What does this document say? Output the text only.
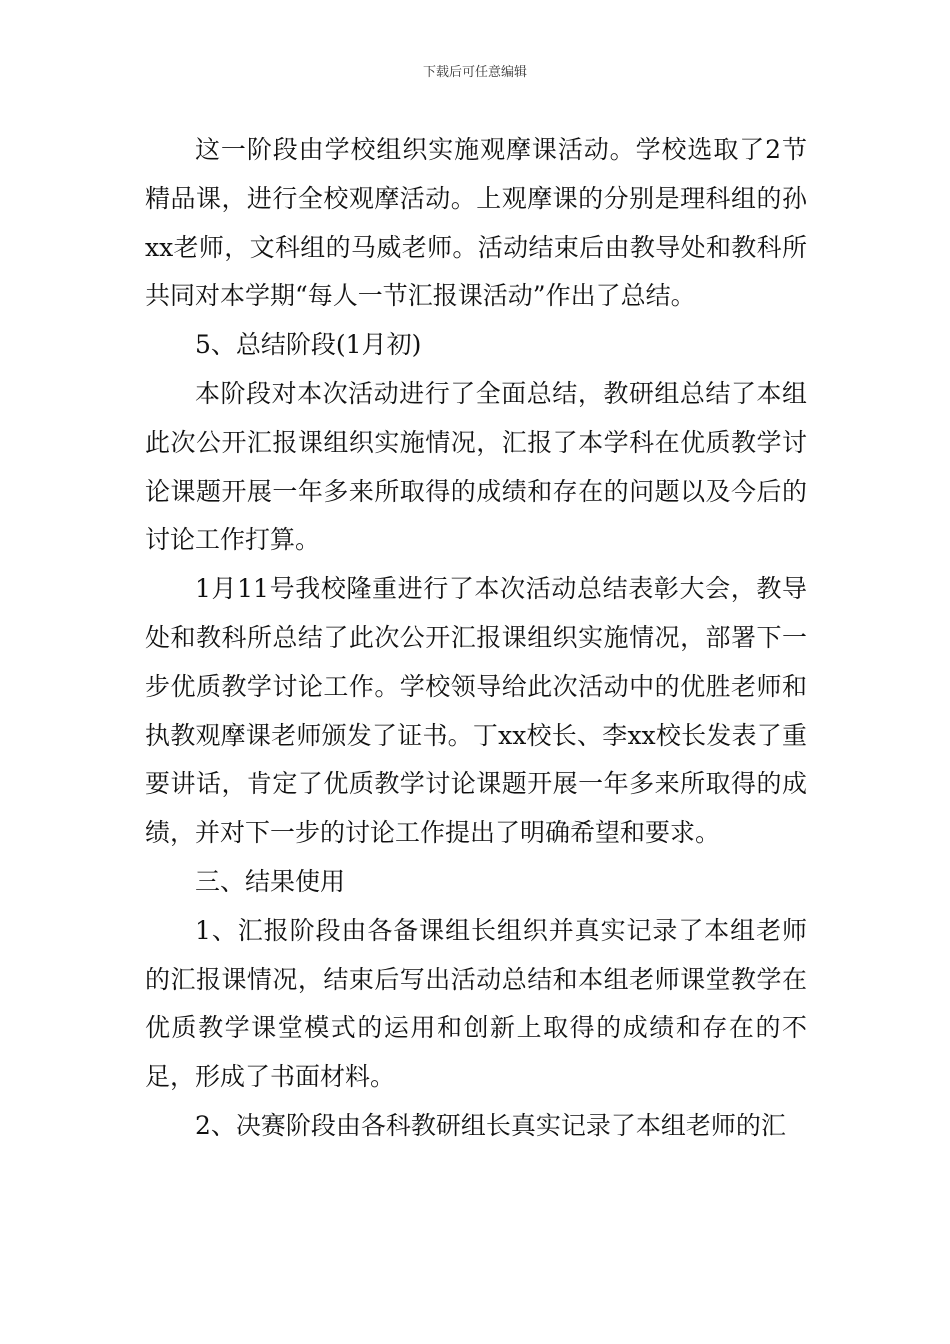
下载后可任意编辑

这一阶段由学校组织实施观摩课活动。学校选取了2节精品课，进行全校观摩活动。上观摩课的分别是理科组的孙xx老师，文科组的马威老师。活动结束后由教导处和教科所共同对本学期“每人一节汇报课活动”作出了总结。

5、总结阶段(1月初)

本阶段对本次活动进行了全面总结，教研组总结了本组此次公开汇报课组织实施情况，汇报了本学科在优质教学讨论课题开展一年多来所取得的成绩和存在的问题以及今后的讨论工作打算。

1月11号我校隆重进行了本次活动总结表彰大会，教导处和教科所总结了此次公开汇报课组织实施情况，部署下一步优质教学讨论工作。学校领导给此次活动中的优胜老师和执教观摩课老师颁发了证书。丁xx校长、李xx校长发表了重要讲话，肯定了优质教学讨论课题开展一年多来所取得的成绩，并对下一步的讨论工作提出了明确希望和要求。

三、结果使用

1、汇报阶段由各备课组长组织并真实记录了本组老师的汇报课情况，结束后写出活动总结和本组老师课堂教学在优质教学课堂模式的运用和创新上取得的成绩和存在的不足，形成了书面材料。

2、决赛阶段由各科教研组长真实记录了本组老师的汇
